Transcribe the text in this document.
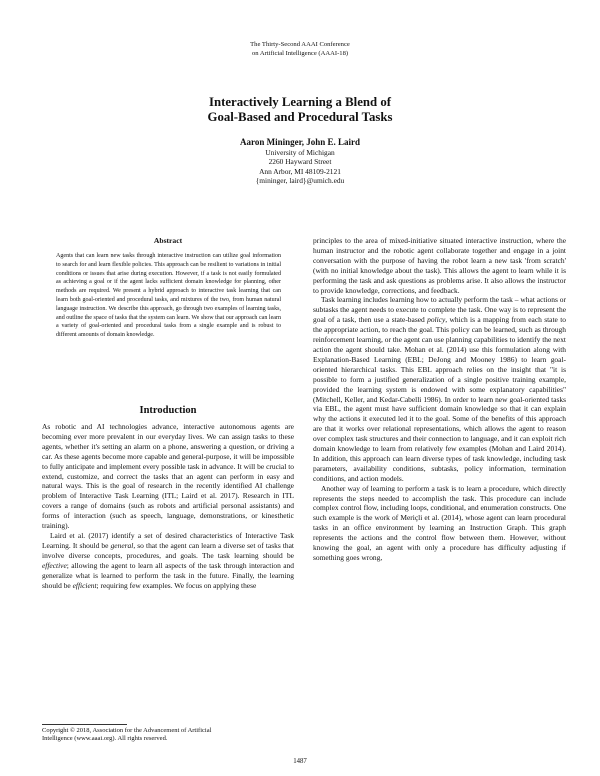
The Thirty-Second AAAI Conference
on Artificial Intelligence (AAAI-18)
Interactively Learning a Blend of
Goal-Based and Procedural Tasks
Aaron Mininger, John E. Laird
University of Michigan
2260 Hayward Street
Ann Arbor, MI 48109-2121
{mininger, laird}@umich.edu
Abstract
Agents that can learn new tasks through interactive instruction can utilize goal information to search for and learn flexible policies. This approach can be resilient to variations in initial conditions or issues that arise during execution. However, if a task is not easily formulated as achieving a goal or if the agent lacks sufficient domain knowledge for planning, other methods are required. We present a hybrid approach to interactive task learning that can learn both goal-oriented and procedural tasks, and mixtures of the two, from human natural language instruction. We describe this approach, go through two examples of learning tasks, and outline the space of tasks that the system can learn. We show that our approach can learn a variety of goal-oriented and procedural tasks from a single example and is robust to different amounts of domain knowledge.
Introduction

As robotic and AI technologies advance, interactive autonomous agents are becoming ever more prevalent in our everyday lives. We can assign tasks to these agents, whether it's setting an alarm on a phone, answering a question, or driving a car. As these agents become more capable and general-purpose, it will be impossible to fully anticipate and implement every possible task in advance. It will be crucial to extend, customize, and correct the tasks that an agent can perform in easy and natural ways. This is the goal of research in the recently identified AI challenge problem of Interactive Task Learning (ITL; Laird et al. 2017). Research in ITL covers a range of domains (such as robots and artificial personal assistants) and forms of interaction (such as speech, language, demonstrations, or kinesthetic training).

Laird et al. (2017) identify a set of desired characteristics of Interactive Task Learning. It should be general, so that the agent can learn a diverse set of tasks that involve diverse concepts, procedures, and goals. The task learning should be effective; allowing the agent to learn all aspects of the task through interaction and generalize what is learned to perform the task in the future. Finally, the learning should be efficient; requiring few examples. We focus on applying these

principles to the area of mixed-initiative situated interactive instruction, where the human instructor and the robotic agent collaborate together and engage in a joint conversation with the purpose of having the robot learn a new task 'from scratch' (with no initial knowledge about the task). This allows the agent to learn while it is performing the task and ask questions as problems arise. It also allows the instructor to provide knowledge, corrections, and feedback.

Task learning includes learning how to actually perform the task – what actions or subtasks the agent needs to execute to complete the task. One way is to represent the goal of a task, then use a state-based policy, which is a mapping from each state to the appropriate action, to reach the goal. This policy can be learned, such as through reinforcement learning, or the agent can use planning capabilities to identify the next action the agent should take. Mohan et al. (2014) use this formulation along with Explanation-Based Learning (EBL; DeJong and Mooney 1986) to learn goal-oriented hierarchical tasks. This EBL approach relies on the insight that "it is possible to form a justified generalization of a single positive training example, provided the learning system is endowed with some explanatory capabilities" (Mitchell, Keller, and Kedar-Cabelli 1986). In order to learn new goal-oriented tasks via EBL, the agent must have sufficient domain knowledge so that it can explain why the actions it executed led it to the goal. Some of the benefits of this approach are that it works over relational representations, which allows the agent to reason over complex task structures and their connection to language, and it can exploit rich domain knowledge to learn from relatively few examples (Mohan and Laird 2014). In addition, this approach can learn diverse types of task knowledge, including task parameters, availability conditions, subtasks, policy information, termination conditions, and action models.

Another way of learning to perform a task is to learn a procedure, which directly represents the steps needed to accomplish the task. This procedure can include complex control flow, including loops, conditional, and enumeration constructs. One such example is the work of Meriçli et al. (2014), whose agent can learn procedural tasks in an office environment by learning an Instruction Graph. This graph represents the actions and the control flow between them. However, without knowing the goal, an agent with only a procedure has difficulty adjusting if something goes wrong,

Copyright © 2018, Association for the Advancement of Artificial
Intelligence (www.aaai.org). All rights reserved.
1487
